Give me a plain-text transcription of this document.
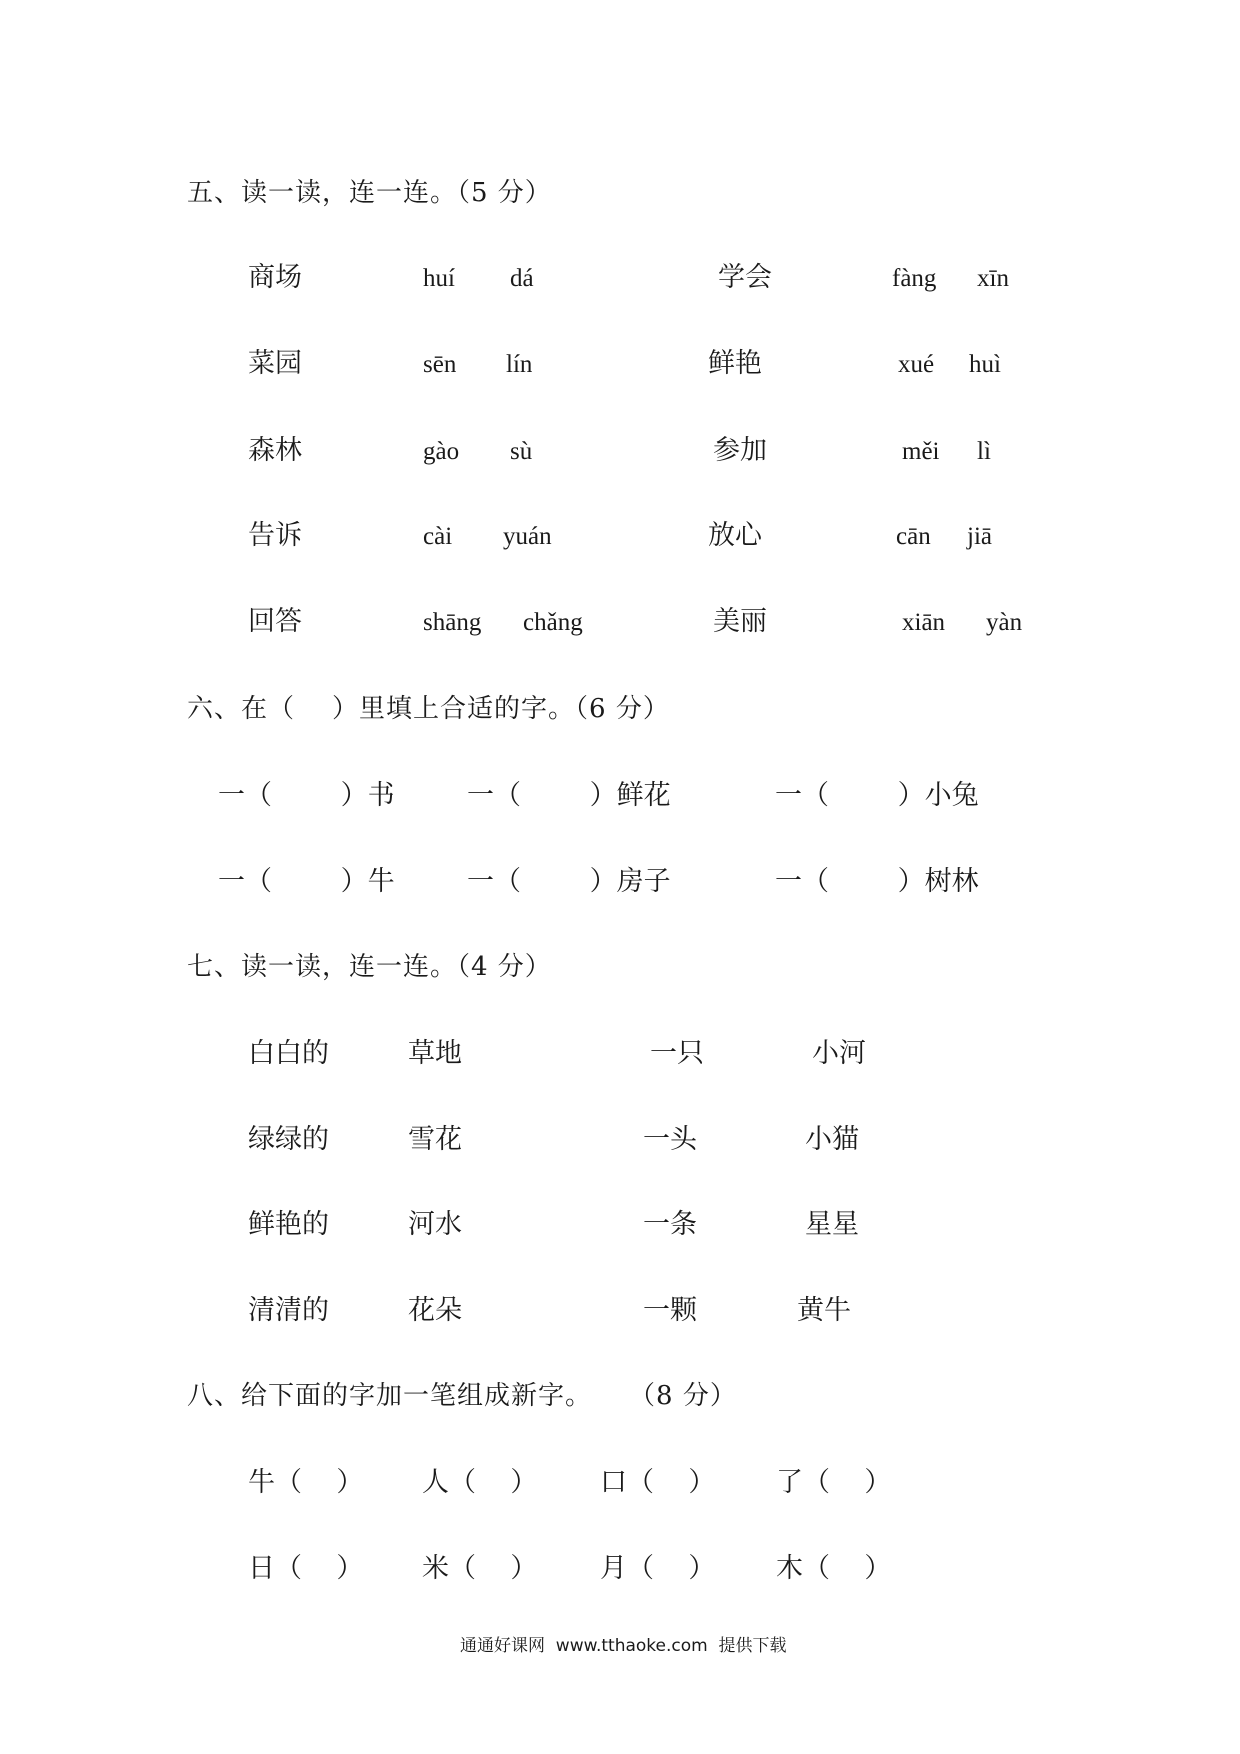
五、读一读，连一连。（5 分）
商场	huí dá	学会	fàng xīn
菜园	sēn lín	鲜艳	xué huì
森林	gào sù	参加	měi lì
告诉	cài yuán	放心	cān jiā
回答	shāng chǎng	美丽	xiān yàn
六、在（    ）里填上合适的字。（6 分）
一（        ）书	一（        ）鲜花	一（        ）小兔
一（        ）牛	一（        ）房子	一（        ）树林
七、读一读，连一连。（4 分）
白白的	草地	一只	小河
绿绿的	雪花	一头	小猫
鲜艳的	河水	一条	星星
清清的	花朵	一颗	黄牛
八、给下面的字加一笔组成新字。    （8 分）
牛（    ） 人（    ） 口（    ） 了（    ）
日（    ） 米（    ） 月（    ） 木（    ）
通通好课网  www.tthaoke.com  提供下载
